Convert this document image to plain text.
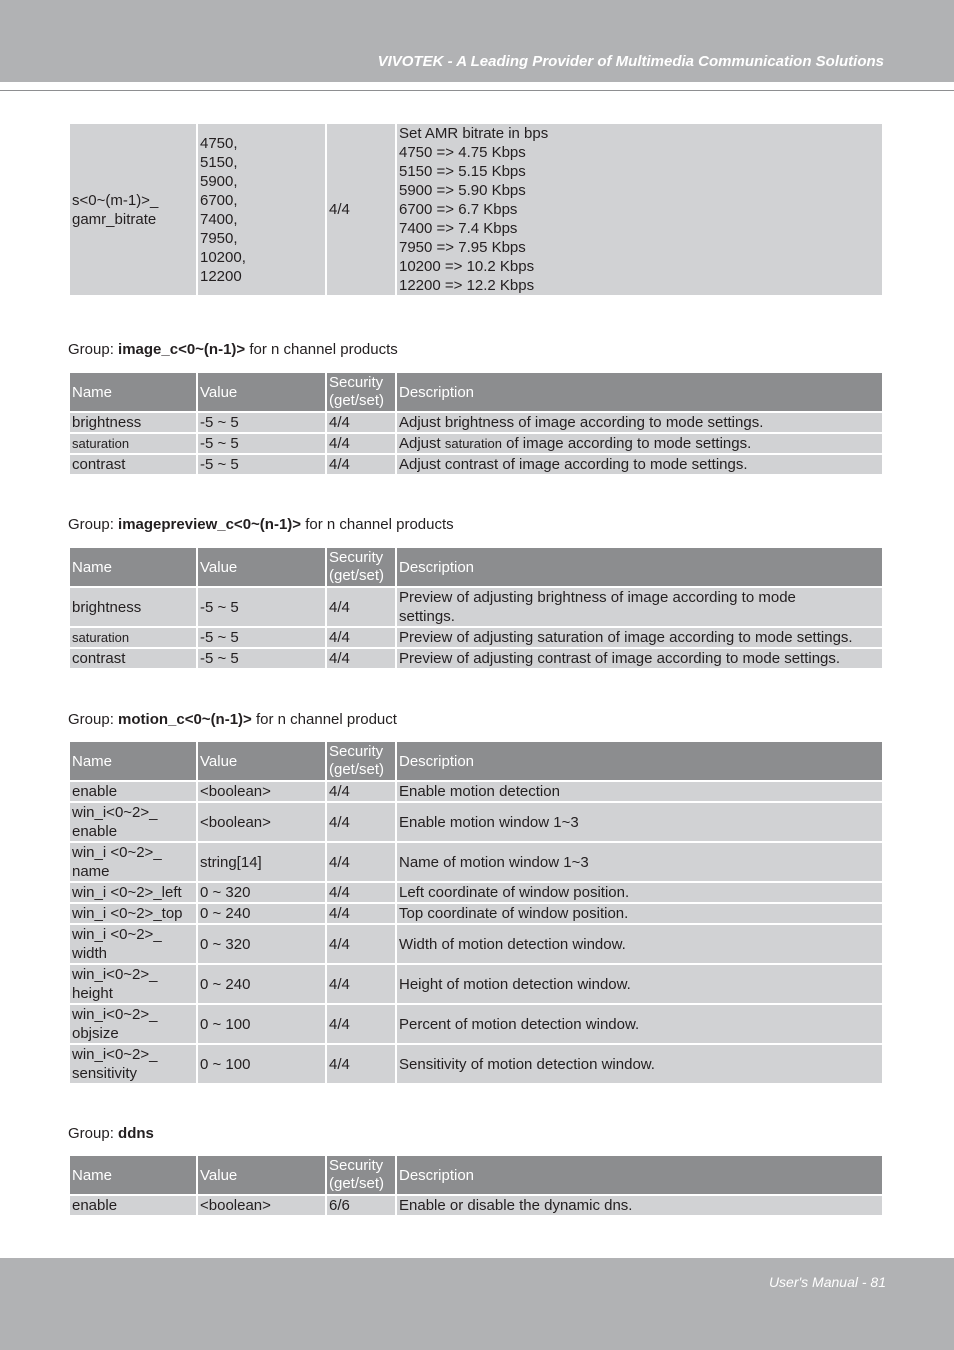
VIVOTEK - A Leading Provider of Multimedia Communication Solutions
s<0~(m-1)>_
gamr_bitrate	4750,
5150,
5900,
6700,
7400,
7950,
10200,
12200	4/4	Set AMR bitrate in bps
4750 => 4.75 Kbps
5150 => 5.15 Kbps
5900 => 5.90 Kbps
6700 => 6.7 Kbps
7400 => 7.4 Kbps
7950 => 7.95 Kbps
10200 => 10.2 Kbps
12200 => 12.2 Kbps
Group: image_c<0~(n-1)> for n channel products
Name	Value	Security
(get/set)	Description
brightness	-5 ~ 5	4/4	Adjust brightness of image according to mode settings.
saturation	-5 ~ 5	4/4	Adjust saturation of image according to mode settings.
contrast	-5 ~ 5	4/4	Adjust contrast of image according to mode settings.
Group: imagepreview_c<0~(n-1)> for n channel products
Name	Value	Security
(get/set)	Description
brightness	-5 ~ 5	4/4	Preview of adjusting brightness of image according to mode
settings.
saturation	-5 ~ 5	4/4	Preview of adjusting saturation of image according to mode settings.
contrast	-5 ~ 5	4/4	Preview of adjusting contrast of image according to mode settings.
Group: motion_c<0~(n-1)> for n channel product
Name	Value	Security
(get/set)	Description
enable	<boolean>	4/4	Enable motion detection
win_i<0~2>_
enable	<boolean>	4/4	Enable motion window 1~3
win_i <0~2>_
name	string[14]	4/4	Name of motion window 1~3
win_i <0~2>_left	0 ~ 320	4/4	Left coordinate of window position.
win_i <0~2>_top	0 ~ 240	4/4	Top coordinate of window position.
win_i <0~2>_
width	0 ~ 320	4/4	Width of motion detection window.
win_i<0~2>_
height	0 ~ 240	4/4	Height of motion detection window.
win_i<0~2>_
objsize	0 ~ 100	4/4	Percent of motion detection window.
win_i<0~2>_
sensitivity	0 ~ 100	4/4	Sensitivity of motion detection window.
Group: ddns
Name	Value	Security
(get/set)	Description
enable	<boolean>	6/6	Enable or disable the dynamic dns.
User's Manual - 81
